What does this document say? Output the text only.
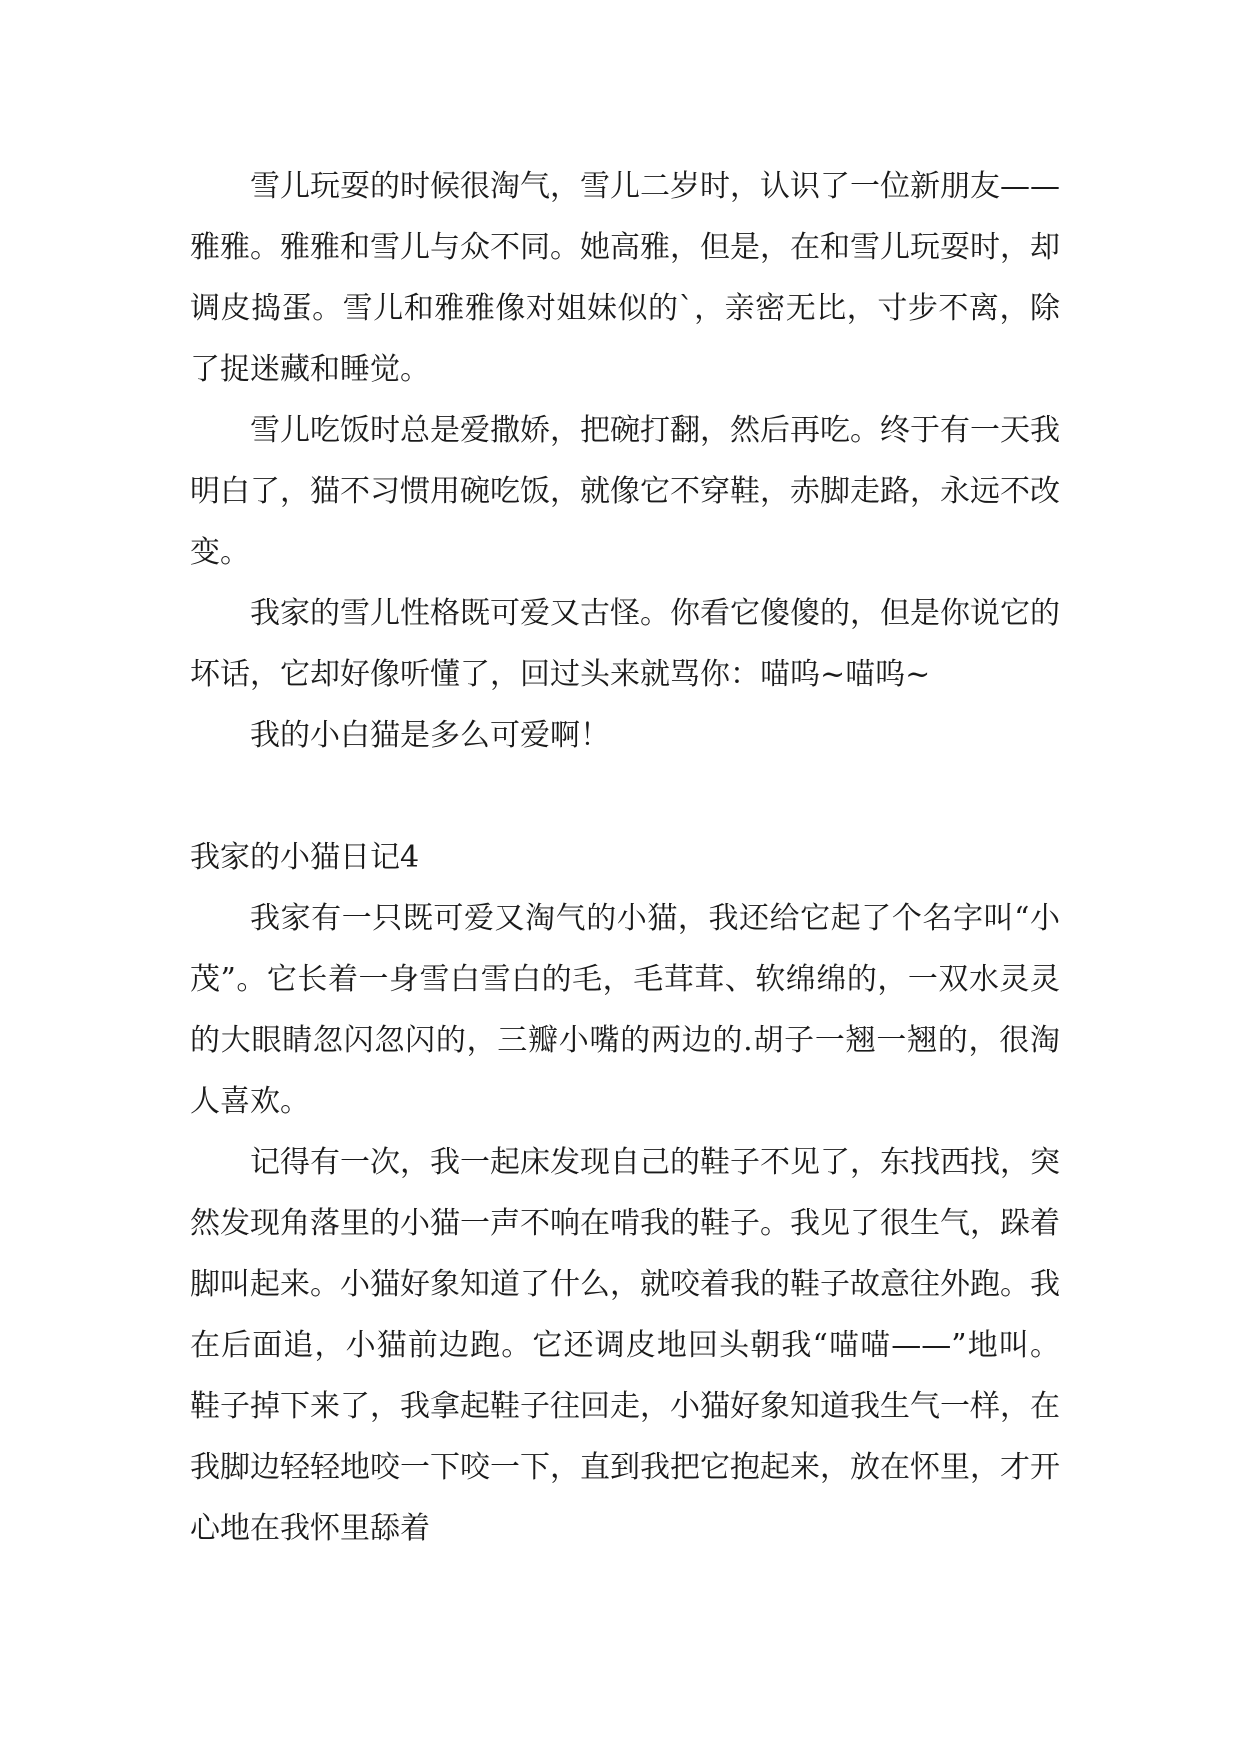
雪儿玩耍的时候很淘气，雪儿二岁时，认识了一位新朋友——雅雅。雅雅和雪儿与众不同。她高雅，但是，在和雪儿玩耍时，却调皮捣蛋。雪儿和雅雅像对姐妹似的`，亲密无比，寸步不离，除了捉迷藏和睡觉。

雪儿吃饭时总是爱撒娇，把碗打翻，然后再吃。终于有一天我明白了，猫不习惯用碗吃饭，就像它不穿鞋，赤脚走路，永远不改变。

我家的雪儿性格既可爱又古怪。你看它傻傻的，但是你说它的坏话，它却好像听懂了，回过头来就骂你：喵呜~喵呜~

我的小白猫是多么可爱啊！

我家的小猫日记4

我家有一只既可爱又淘气的小猫，我还给它起了个名字叫“小茂”。它长着一身雪白雪白的毛，毛茸茸、软绵绵的，一双水灵灵的大眼睛忽闪忽闪的，三瓣小嘴的两边的.胡子一翘一翘的，很淘人喜欢。

记得有一次，我一起床发现自己的鞋子不见了，东找西找，突然发现角落里的小猫一声不响在啃我的鞋子。我见了很生气，跺着脚叫起来。小猫好象知道了什么，就咬着我的鞋子故意往外跑。我在后面追，小猫前边跑。它还调皮地回头朝我“喵喵——”地叫。鞋子掉下来了，我拿起鞋子往回走，小猫好象知道我生气一样，在我脚边轻轻地咬一下咬一下，直到我把它抱起来，放在怀里，才开心地在我怀里舔着
